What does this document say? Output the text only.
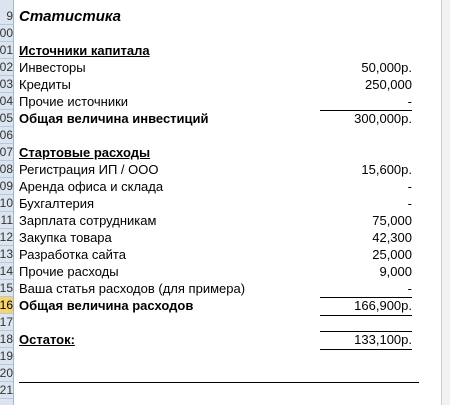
9 Статистика
00
01 Источники капитала
02 Инвесторы	50,000р.
03 Кредиты	250,000
04 Прочие источники	-
05 Общая величина инвестиций	300,000р.
06
07 Стартовые расходы
08 Регистрация ИП / ООО	15,600р.
09 Аренда офиса и склада	-
10 Бухгалтерия	-
11 Зарплата сотрудникам	75,000
12 Закупка товара	42,300
13 Разработка сайта	25,000
14 Прочие расходы	9,000
15 Ваша статья расходов (для примера)	-
16 Общая величина расходов	166,900р.
17
18 Остаток:	133,100р.
19
20
21
